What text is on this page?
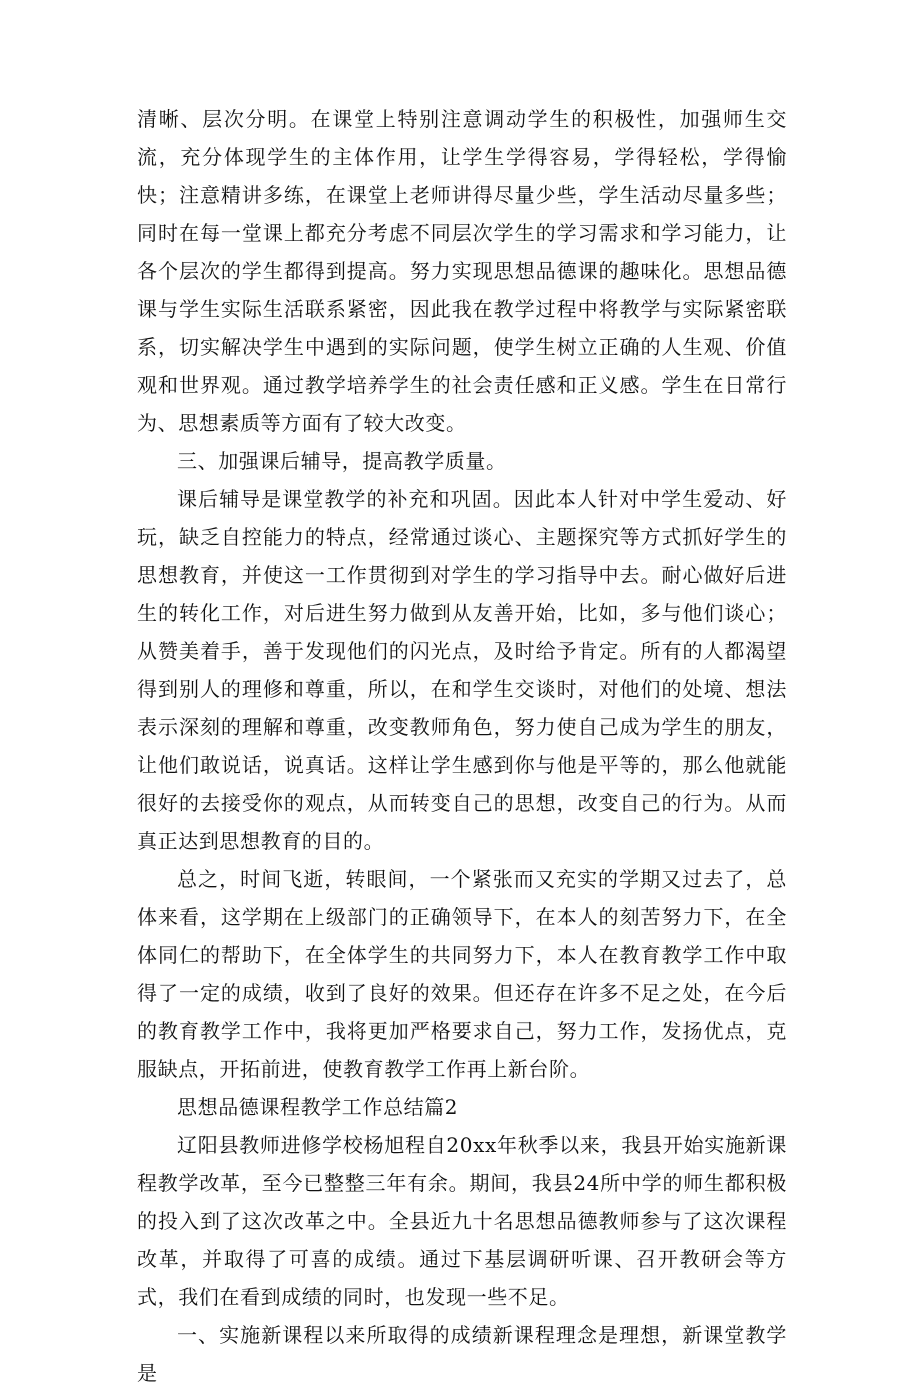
清晰、层次分明。在课堂上特别注意调动学生的积极性，加强师生交流，充分体现学生的主体作用，让学生学得容易，学得轻松，学得愉快；注意精讲多练，在课堂上老师讲得尽量少些，学生活动尽量多些；同时在每一堂课上都充分考虑不同层次学生的学习需求和学习能力，让各个层次的学生都得到提高。努力实现思想品德课的趣味化。思想品德课与学生实际生活联系紧密，因此我在教学过程中将教学与实际紧密联系，切实解决学生中遇到的实际问题，使学生树立正确的人生观、价值观和世界观。通过教学培养学生的社会责任感和正义感。学生在日常行为、思想素质等方面有了较大改变。

三、加强课后辅导，提高教学质量。

课后辅导是课堂教学的补充和巩固。因此本人针对中学生爱动、好玩，缺乏自控能力的特点，经常通过谈心、主题探究等方式抓好学生的思想教育，并使这一工作贯彻到对学生的学习指导中去。耐心做好后进生的转化工作，对后进生努力做到从友善开始，比如，多与他们谈心；从赞美着手，善于发现他们的闪光点，及时给予肯定。所有的人都渴望得到别人的理修和尊重，所以，在和学生交谈时，对他们的处境、想法表示深刻的理解和尊重，改变教师角色，努力使自己成为学生的朋友，让他们敢说话，说真话。这样让学生感到你与他是平等的，那么他就能很好的去接受你的观点，从而转变自己的思想，改变自己的行为。从而真正达到思想教育的目的。

总之，时间飞逝，转眼间，一个紧张而又充实的学期又过去了，总体来看，这学期在上级部门的正确领导下，在本人的刻苦努力下，在全体同仁的帮助下，在全体学生的共同努力下，本人在教育教学工作中取得了一定的成绩，收到了良好的效果。但还存在许多不足之处，在今后的教育教学工作中，我将更加严格要求自己，努力工作，发扬优点，克服缺点，开拓前进，使教育教学工作再上新台阶。

思想品德课程教学工作总结篇2

辽阳县教师进修学校杨旭程自20xx年秋季以来，我县开始实施新课程教学改革，至今已整整三年有余。期间，我县24所中学的师生都积极的投入到了这次改革之中。全县近九十名思想品德教师参与了这次课程改革，并取得了可喜的成绩。通过下基层调研听课、召开教研会等方式，我们在看到成绩的同时，也发现一些不足。

一、实施新课程以来所取得的成绩新课程理念是理想，新课堂教学是
